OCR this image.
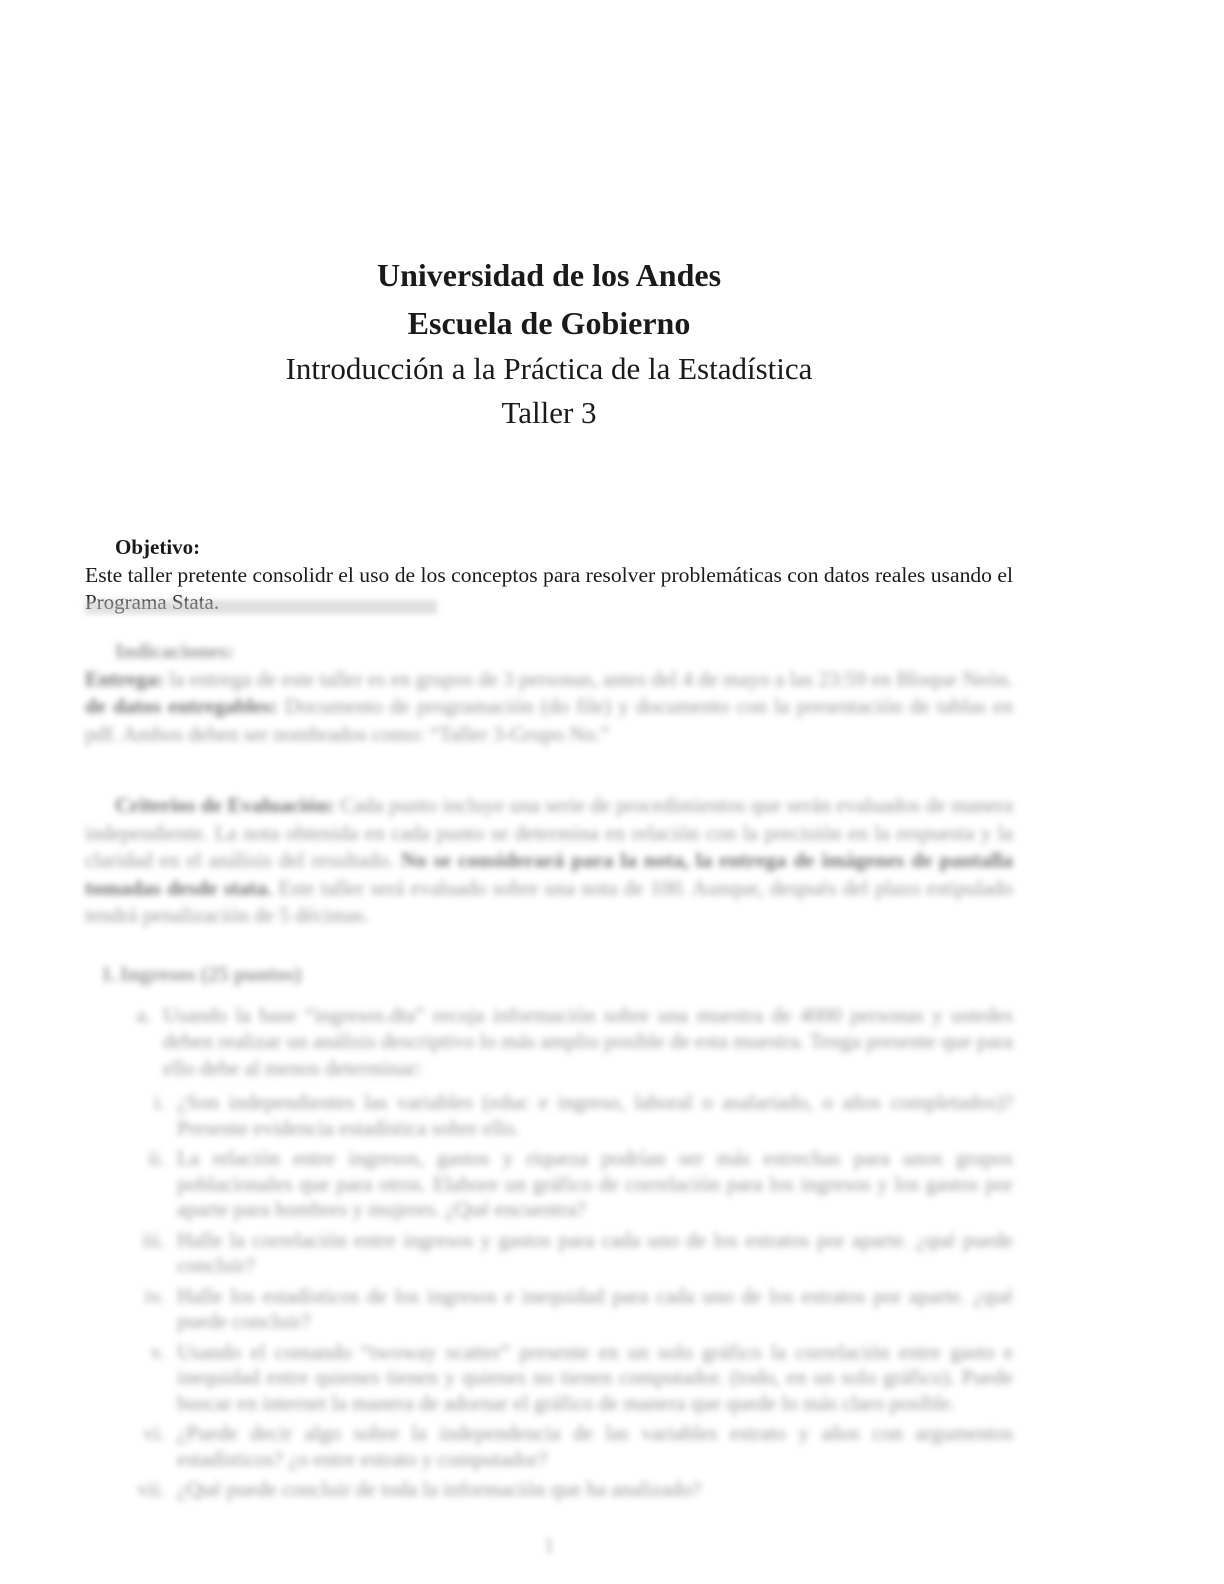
Universidad de los Andes
Escuela de Gobierno
Introducción a la Práctica de la Estadística
Taller 3
Objetivo:

Este taller pretente consolidr el uso de los conceptos para resolver problemáticas con datos reales usando el

Indicaciones:

Entrega: la entrega de este taller es en grupos de 3 personas, antes del 4 de mayo a las 23:59 en Bloque Neón.

de datos entregables: Documento de programación (do file) y documento con la presentación de tablas en pdf. Ambos deben ser nombrados como: “Taller 3-Grupo No.”

Criterios de Evaluación: Cada punto incluye una serie de procedimientos que serán evaluados de manera independiente. La nota obtenida en cada punto se determina en relación con la precisión en la respuesta y la claridad en el análisis del resultado. No se considerará para la nota, la entrega de imágenes de pantalla tomadas desde stata. Este taller será evaluado sobre una nota de 100. Aunque, después del plazo estipulado tendrá penalización de 5 décimas.

1. Ingresos (25 puntos)
a. Usando la base “ingresos.dta” recoja información sobre una muestra de 4000 personas y ustedes deben realizar un análisis descriptivo lo más amplio posible de esta muestra. Tenga presente que para ello debe al menos determinar:
i. ¿Son independientes las variables (educ e ingreso, laboral o asalariado, o años completados)? Presente evidencia estadística sobre ello.
ii. La relación entre ingresos, gastos y riqueza podrían ser más estrechas para unos grupos poblacionales que para otros. Elabore un gráfico de correlación para los ingresos y los gastos por aparte para hombres y mujeres. ¿Qué encuentra?
iii. Halle la correlación entre ingresos y gastos para cada uno de los estratos por aparte. ¿qué puede concluir?
iv. Halle los estadísticos de los ingresos e inequidad para cada uno de los estratos por aparte. ¿qué puede concluir?
v. Usando el comando “twoway scatter” presente en un solo gráfico la correlación entre gasto e inequidad entre quienes tienen y quienes no tienen computador. (todo, en un solo gráfico). Puede buscar en internet la manera de adornar el gráfico de manera que quede lo más claro posible.
vi. ¿Puede decir algo sobre la independencia de las variables estrato y años con argumentos estadísticos? ¿o entre estrato y computador?
vii. ¿Qué puede concluir de toda la información que ha analizado?
1
